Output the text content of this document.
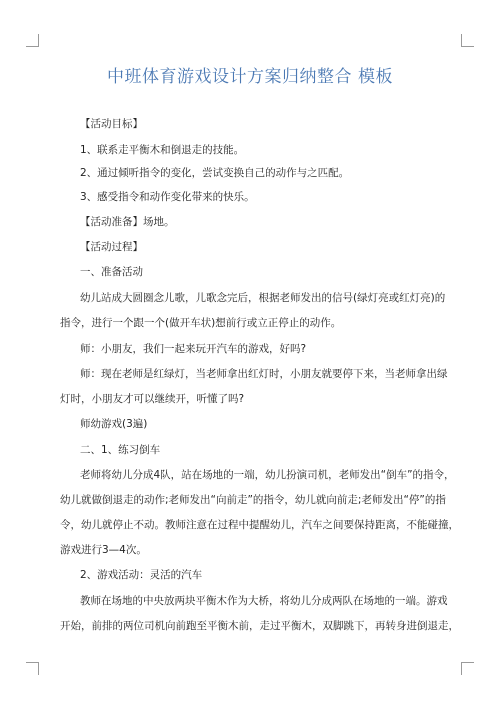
中班体育游戏设计方案归纳整合 模板
【活动目标】
1、联系走平衡木和倒退走的技能。
2、通过倾听指令的变化，尝试变换自己的动作与之匹配。
3、感受指令和动作变化带来的快乐。
【活动准备】场地。
【活动过程】
一、准备活动
幼儿站成大圆圈念儿歌，儿歌念完后，根据老师发出的信号(绿灯亮或红灯亮)的
指令，进行一个跟一个(做开车状)想前行或立正停止的动作。
师：小朋友，我们一起来玩开汽车的游戏，好吗?
师：现在老师是红绿灯，当老师拿出红灯时，小朋友就要停下来，当老师拿出绿
灯时，小朋友才可以继续开，听懂了吗?
师幼游戏(3遍)
二、1、练习倒车
老师将幼儿分成4队，站在场地的一端，幼儿扮演司机，老师发出“倒车”的指令，
幼儿就做倒退走的动作;老师发出“向前走”的指令，幼儿就向前走;老师发出“停”的指
令，幼儿就停止不动。教师注意在过程中提醒幼儿，汽车之间要保持距离，不能碰撞，
游戏进行3—4次。
2、游戏活动：灵活的汽车
教师在场地的中央放两块平衡木作为大桥，将幼儿分成两队在场地的一端。游戏
开始，前排的两位司机向前跑至平衡木前，走过平衡木，双脚跳下，再转身进倒退走，
